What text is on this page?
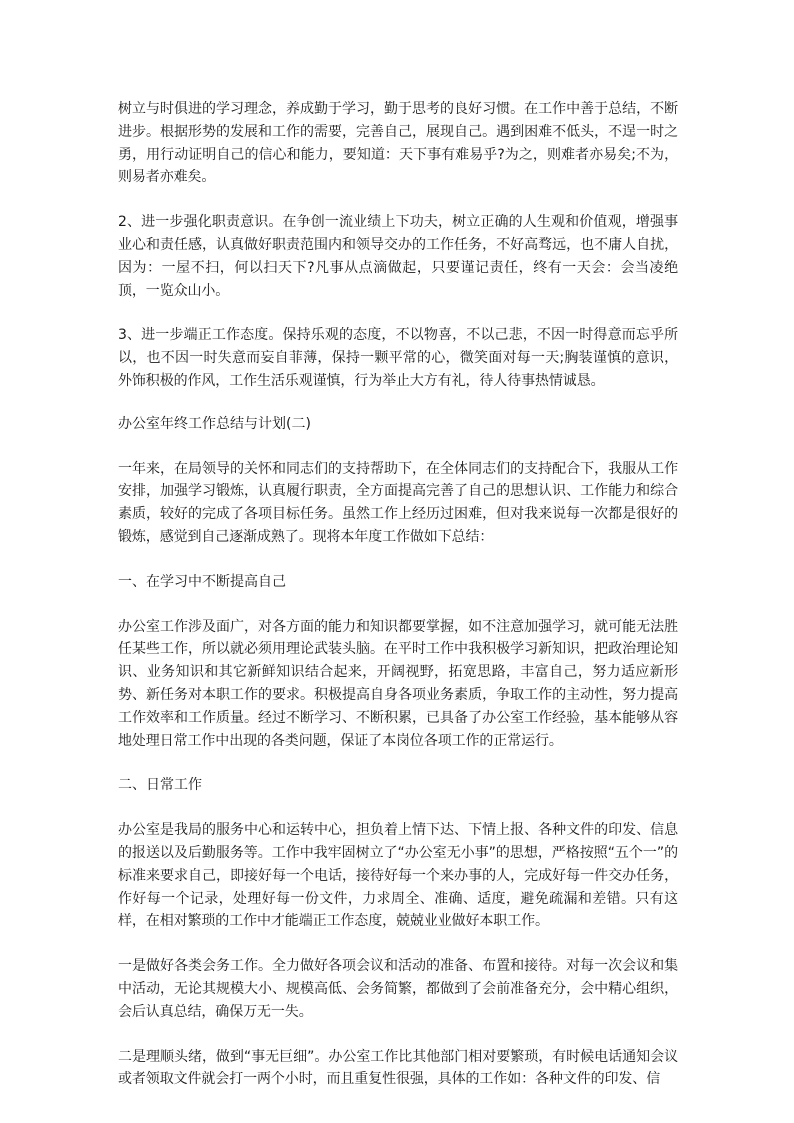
树立与时俱进的学习理念，养成勤于学习，勤于思考的良好习惯。在工作中善于总结，不断进步。根据形势的发展和工作的需要，完善自己，展现自己。遇到困难不低头，不逞一时之勇，用行动证明自己的信心和能力，要知道：天下事有难易乎?为之，则难者亦易矣;不为，则易者亦难矣。

2、进一步强化职责意识。在争创一流业绩上下功夫，树立正确的人生观和价值观，增强事业心和责任感，认真做好职责范围内和领导交办的工作任务，不好高骛远，也不庸人自扰，因为：一屋不扫，何以扫天下?凡事从点滴做起，只要谨记责任，终有一天会：会当凌绝顶，一览众山小。

3、进一步端正工作态度。保持乐观的态度，不以物喜，不以己悲，不因一时得意而忘乎所以，也不因一时失意而妄自菲薄，保持一颗平常的心，微笑面对每一天;胸装谨慎的意识，外饰积极的作风，工作生活乐观谨慎，行为举止大方有礼，待人待事热情诚恳。

办公室年终工作总结与计划(二)

一年来，在局领导的关怀和同志们的支持帮助下，在全体同志们的支持配合下，我服从工作安排，加强学习锻炼，认真履行职责，全方面提高完善了自己的思想认识、工作能力和综合素质，较好的完成了各项目标任务。虽然工作上经历过困难，但对我来说每一次都是很好的锻炼，感觉到自己逐渐成熟了。现将本年度工作做如下总结：

一、在学习中不断提高自己

办公室工作涉及面广，对各方面的能力和知识都要掌握，如不注意加强学习，就可能无法胜任某些工作，所以就必须用理论武装头脑。在平时工作中我积极学习新知识，把政治理论知识、业务知识和其它新鲜知识结合起来，开阔视野，拓宽思路，丰富自己，努力适应新形势、新任务对本职工作的要求。积极提高自身各项业务素质，争取工作的主动性，努力提高工作效率和工作质量。经过不断学习、不断积累，已具备了办公室工作经验，基本能够从容地处理日常工作中出现的各类问题，保证了本岗位各项工作的正常运行。

二、日常工作

办公室是我局的服务中心和运转中心，担负着上情下达、下情上报、各种文件的印发、信息的报送以及后勤服务等。工作中我牢固树立了“办公室无小事”的思想，严格按照“五个一”的标准来要求自己，即接好每一个电话，接待好每一个来办事的人，完成好每一件交办任务，作好每一个记录，处理好每一份文件，力求周全、准确、适度，避免疏漏和差错。只有这样，在相对繁琐的工作中才能端正工作态度，兢兢业业做好本职工作。

一是做好各类会务工作。全力做好各项会议和活动的准备、布置和接待。对每一次会议和集中活动，无论其规模大小、规模高低、会务简繁，都做到了会前准备充分，会中精心组织，会后认真总结，确保万无一失。

二是理顺头绪，做到“事无巨细”。办公室工作比其他部门相对要繁琐，有时候电话通知会议或者领取文件就会打一两个小时，而且重复性很强，具体的工作如：各种文件的印发、信
